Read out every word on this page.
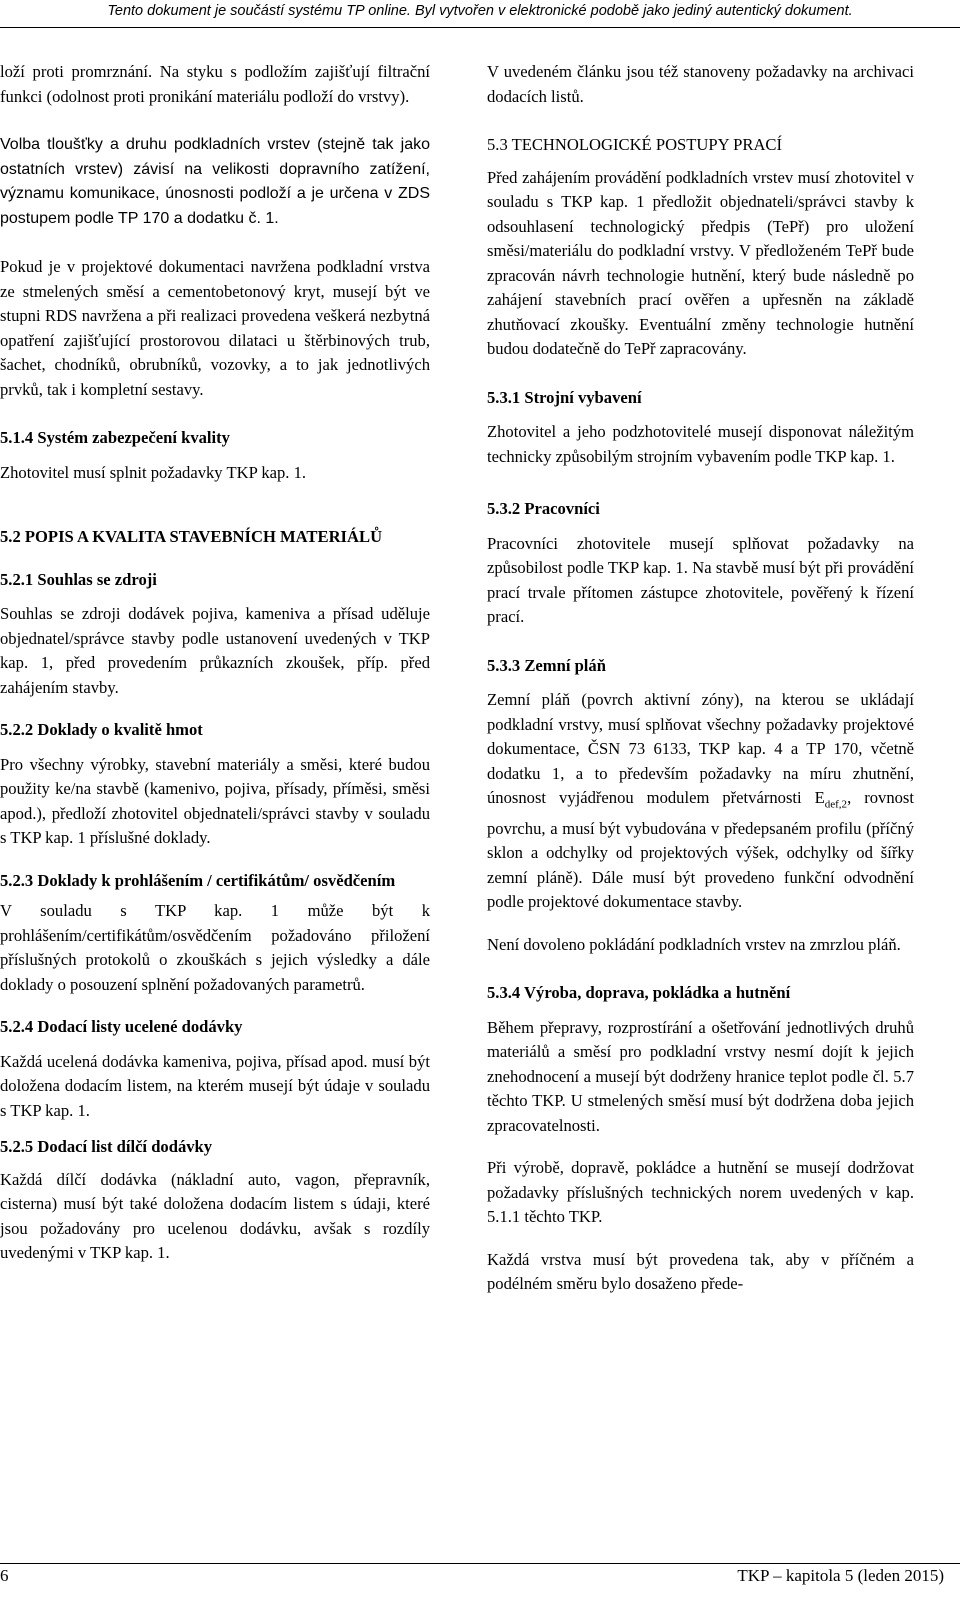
Tento dokument je součástí systému TP online. Byl vytvořen v elektronické podobě jako jediný autentický dokument.

loží proti promrznání. Na styku s podložím zajišťují filtrační funkci (odolnost proti pronikání materiálu podloží do vrstvy).

Volba tloušťky a druhu podkladních vrstev (stejně tak jako ostatních vrstev) závisí na velikosti dopravního zatížení, významu komunikace, únosnosti podloží a je určena v ZDS postupem podle TP 170 a dodatku č. 1.

Pokud je v projektové dokumentaci navržena podkladní vrstva ze stmelených směsí a cementobetonový kryt, musejí být ve stupni RDS navržena a při realizaci provedena veškerá nezbytná opatření zajišťující prostorovou dilataci u štěrbinových trub, šachet, chodníků, obrubníků, vozovky, a to jak jednotlivých prvků, tak i kompletní sestavy.

5.1.4 Systém zabezpečení kvality

Zhotovitel musí splnit požadavky TKP kap. 1.

5.2 POPIS A KVALITA STAVEBNÍCH MATERIÁLŮ

5.2.1 Souhlas se zdroji

Souhlas se zdroji dodávek pojiva, kameniva a přísad uděluje objednatel/správce stavby podle ustanovení uvedených v TKP kap. 1, před provedením průkazních zkoušek, příp. před zahájením stavby.

5.2.2 Doklady o kvalitě hmot

Pro všechny výrobky, stavební materiály a směsi, které budou použity ke/na stavbě (kamenivo, pojiva, přísady, příměsi, směsi apod.), předloží zhotovitel objednateli/správci stavby v souladu s TKP kap. 1 příslušné doklady.

5.2.3 Doklady k prohlášením / certifikátům/ osvědčením

V souladu s TKP kap. 1 může být k prohlášením/certifikátům/osvědčením požadováno přiložení příslušných protokolů o zkouškách s jejich výsledky a dále doklady o posouzení splnění požadovaných parametrů.

5.2.4 Dodací listy ucelené dodávky

Každá ucelená dodávka kameniva, pojiva, přísad apod. musí být doložena dodacím listem, na kterém musejí být údaje v souladu s TKP kap. 1.

5.2.5 Dodací list dílčí dodávky

Každá dílčí dodávka (nákladní auto, vagon, přepravník, cisterna) musí být také doložena dodacím listem s údaji, které jsou požadovány pro ucelenou dodávku, avšak s rozdíly uvedenými v TKP kap. 1.

V uvedeném článku jsou též stanoveny požadavky na archivaci dodacích listů.

5.3 TECHNOLOGICKÉ POSTUPY PRACÍ

Před zahájením provádění podkladních vrstev musí zhotovitel v souladu s TKP kap. 1 předložit objednateli/správci stavby k odsouhlasení technologický předpis (TePř) pro uložení směsi/materiálu do podkladní vrstvy. V předloženém TePř bude zpracován návrh technologie hutnění, který bude následně po zahájení stavebních prací ověřen a upřesněn na základě zhutňovací zkoušky. Eventuální změny technologie hutnění budou dodatečně do TePř zapracovány.

5.3.1 Strojní vybavení

Zhotovitel a jeho podzhotovitelé musejí disponovat náležitým technicky způsobilým strojním vybavením podle TKP kap. 1.

5.3.2 Pracovníci

Pracovníci zhotovitele musejí splňovat požadavky na způsobilost podle TKP kap. 1. Na stavbě musí být při provádění prací trvale přítomen zástupce zhotovitele, pověřený k řízení prací.

5.3.3 Zemní pláň

Zemní pláň (povrch aktivní zóny), na kterou se ukládají podkladní vrstvy, musí splňovat všechny požadavky projektové dokumentace, ČSN 73 6133, TKP kap. 4 a TP 170, včetně dodatku 1, a to především požadavky na míru zhutnění, únosnost vyjádřenou modulem přetvárnosti $E_{def,2}$, rovnost povrchu, a musí být vybudována v předepsaném profilu (příčný sklon a odchylky od projektových výšek, odchylky od šířky zemní pláně). Dále musí být provedeno funkční odvodnění podle projektové dokumentace stavby.

Není dovoleno pokládání podkladních vrstev na zmrzlou pláň.

5.3.4 Výroba, doprava, pokládka a hutnění

Během přepravy, rozprostírání a ošetřování jednotlivých druhů materiálů a směsí pro podkladní vrstvy nesmí dojít k jejich znehodnocení a musejí být dodrženy hranice teplot podle čl. 5.7 těchto TKP. U stmelených směsí musí být dodržena doba jejich zpracovatelnosti.

Při výrobě, dopravě, pokládce a hutnění se musejí dodržovat požadavky příslušných technických norem uvedených v kap. 5.1.1 těchto TKP.

Každá vrstva musí být provedena tak, aby v příčném a podélném směru bylo dosaženo přede-

6	TKP – kapitola 5 (leden 2015)
